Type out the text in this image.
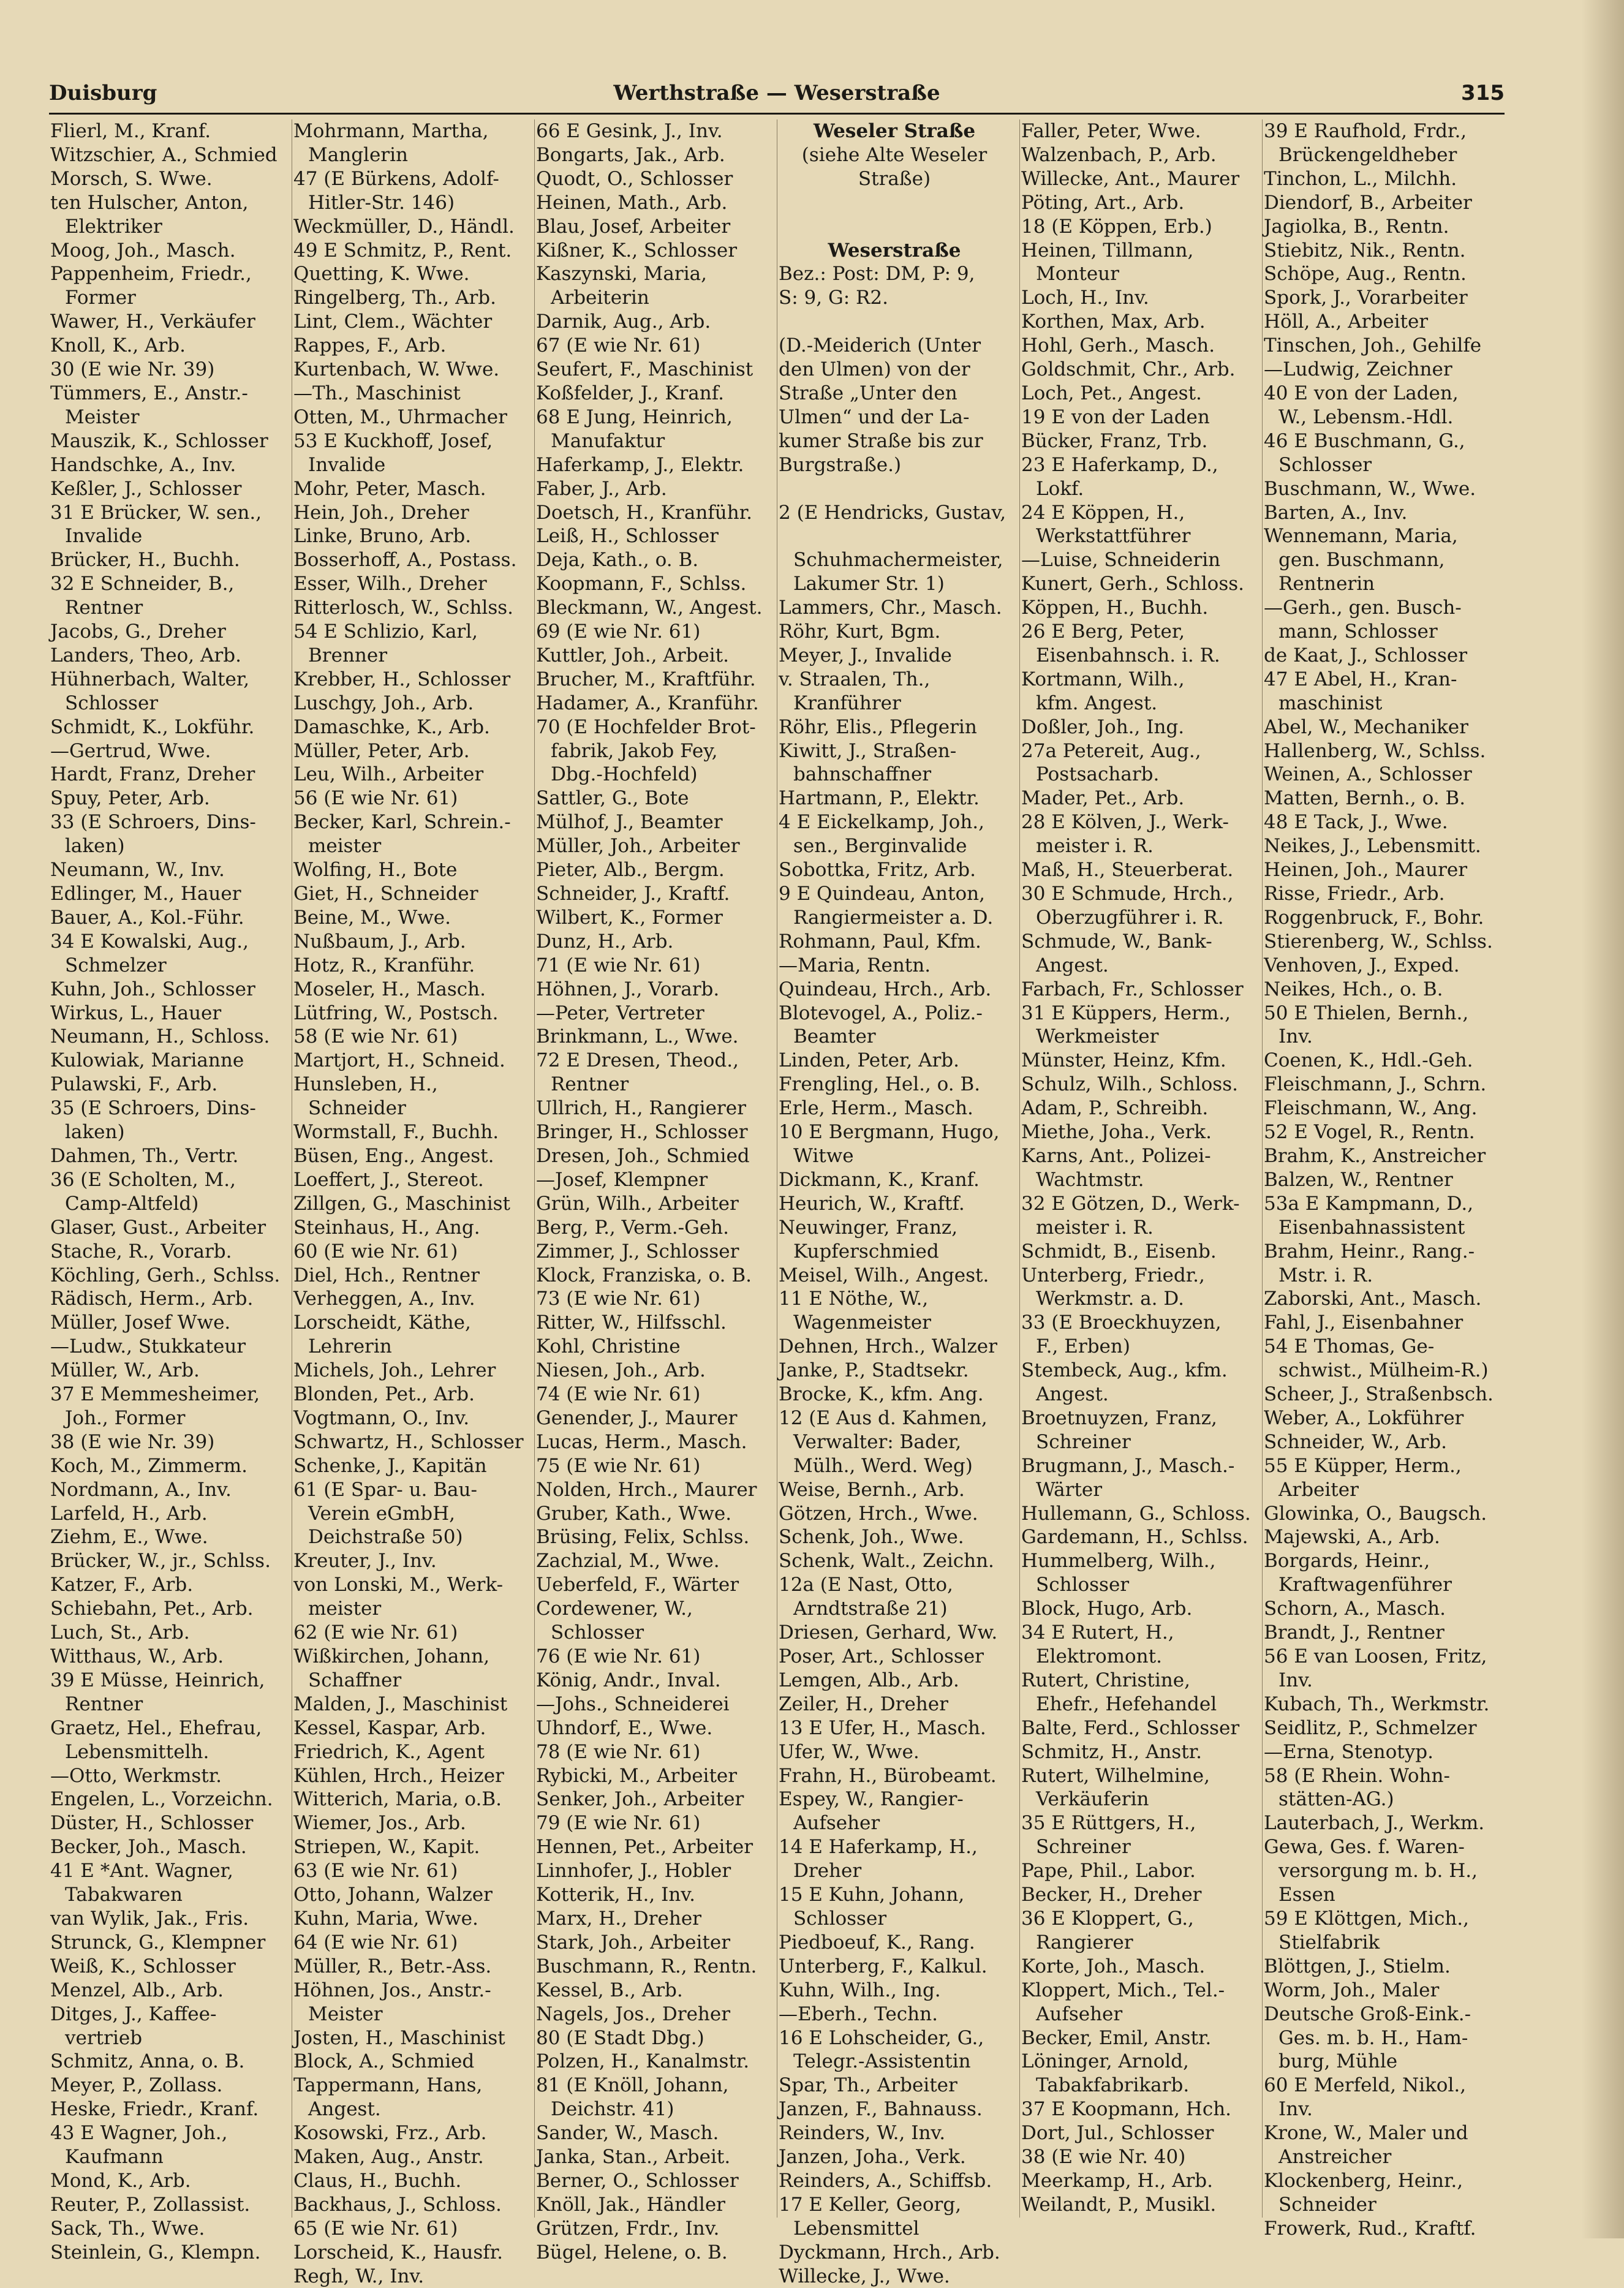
Duisburg	Werthstraße — Weserstraße	315
Flierl, M., Kranf.
Witzschier, A., Schmied
Morsch, S. Wwe.
ten Hulscher, Anton,
Elektriker
Moog, Joh., Masch.
Pappenheim, Friedr.,
Former
Wawer, H., Verkäufer
Knoll, K., Arb.
30 (E wie Nr. 39)
Tümmers, E., Anstr.-
Meister
Mauszik, K., Schlosser
Handschke, A., Inv.
Keßler, J., Schlosser
31 E Brücker, W. sen.,
Invalide
Brücker, H., Buchh.
32 E Schneider, B.,
Rentner
Jacobs, G., Dreher
Landers, Theo, Arb.
Hühnerbach, Walter,
Schlosser
Schmidt, K., Lokführ.
—Gertrud, Wwe.
Hardt, Franz, Dreher
Spuy, Peter, Arb.
33 (E Schroers, Dins-
laken)
Neumann, W., Inv.
Edlinger, M., Hauer
Bauer, A., Kol.-Führ.
34 E Kowalski, Aug.,
Schmelzer
Kuhn, Joh., Schlosser
Wirkus, L., Hauer
Neumann, H., Schloss.
Kulowiak, Marianne
Pulawski, F., Arb.
35 (E Schroers, Dins-
laken)
Dahmen, Th., Vertr.
36 (E Scholten, M.,
Camp-Altfeld)
Glaser, Gust., Arbeiter
Stache, R., Vorarb.
Köchling, Gerh., Schlss.
Rädisch, Herm., Arb.
Müller, Josef Wwe.
—Ludw., Stukkateur
Müller, W., Arb.
37 E Memmesheimer,
Joh., Former
38 (E wie Nr. 39)
Koch, M., Zimmerm.
Nordmann, A., Inv.
Larfeld, H., Arb.
Ziehm, E., Wwe.
Brücker, W., jr., Schlss.
Katzer, F., Arb.
Schiebahn, Pet., Arb.
Luch, St., Arb.
Witthaus, W., Arb.
39 E Müsse, Heinrich,
Rentner
Graetz, Hel., Ehefrau,
Lebensmittelh.
—Otto, Werkmstr.
Engelen, L., Vorzeichn.
Düster, H., Schlosser
Becker, Joh., Masch.
41 E *Ant. Wagner,
Tabakwaren
van Wylik, Jak., Fris.
Strunck, G., Klempner
Weiß, K., Schlosser
Menzel, Alb., Arb.
Ditges, J., Kaffee-
vertrieb
Schmitz, Anna, o. B.
Meyer, P., Zollass.
Heske, Friedr., Kranf.
43 E Wagner, Joh.,
Kaufmann
Mond, K., Arb.
Reuter, P., Zollassist.
Sack, Th., Wwe.
Steinlein, G., Klempn.
Mohrmann, Martha,
Manglerin
47 (E Bürkens, Adolf-
Hitler-Str. 146)
Weckmüller, D., Händl.
49 E Schmitz, P., Rent.
Quetting, K. Wwe.
Ringelberg, Th., Arb.
Lint, Clem., Wächter
Rappes, F., Arb.
Kurtenbach, W. Wwe.
—Th., Maschinist
Otten, M., Uhrmacher
53 E Kuckhoff, Josef,
Invalide
Mohr, Peter, Masch.
Hein, Joh., Dreher
Linke, Bruno, Arb.
Bosserhoff, A., Postass.
Esser, Wilh., Dreher
Ritterlosch, W., Schlss.
54 E Schlizio, Karl,
Brenner
Krebber, H., Schlosser
Luschgy, Joh., Arb.
Damaschke, K., Arb.
Müller, Peter, Arb.
Leu, Wilh., Arbeiter
56 (E wie Nr. 61)
Becker, Karl, Schrein.-
meister
Wolfing, H., Bote
Giet, H., Schneider
Beine, M., Wwe.
Nußbaum, J., Arb.
Hotz, R., Kranführ.
Moseler, H., Masch.
Lütfring, W., Postsch.
58 (E wie Nr. 61)
Martjort, H., Schneid.
Hunsleben, H.,
Schneider
Wormstall, F., Buchh.
Büsen, Eng., Angest.
Loeffert, J., Stereot.
Zillgen, G., Maschinist
Steinhaus, H., Ang.
60 (E wie Nr. 61)
Diel, Hch., Rentner
Verheggen, A., Inv.
Lorscheidt, Käthe,
Lehrerin
Michels, Joh., Lehrer
Blonden, Pet., Arb.
Vogtmann, O., Inv.
Schwartz, H., Schlosser
Schenke, J., Kapitän
61 (E Spar- u. Bau-
Verein eGmbH,
Deichstraße 50)
Kreuter, J., Inv.
von Lonski, M., Werk-
meister
62 (E wie Nr. 61)
Wißkirchen, Johann,
Schaffner
Malden, J., Maschinist
Kessel, Kaspar, Arb.
Friedrich, K., Agent
Kühlen, Hrch., Heizer
Witterich, Maria, o.B.
Wiemer, Jos., Arb.
Striepen, W., Kapit.
63 (E wie Nr. 61)
Otto, Johann, Walzer
Kuhn, Maria, Wwe.
64 (E wie Nr. 61)
Müller, R., Betr.-Ass.
Höhnen, Jos., Anstr.-
Meister
Josten, H., Maschinist
Block, A., Schmied
Tappermann, Hans,
Angest.
Kosowski, Frz., Arb.
Maken, Aug., Anstr.
Claus, H., Buchh.
Backhaus, J., Schloss.
65 (E wie Nr. 61)
Lorscheid, K., Hausfr.
Regh, W., Inv.
66 E Gesink, J., Inv.
Bongarts, Jak., Arb.
Quodt, O., Schlosser
Heinen, Math., Arb.
Blau, Josef, Arbeiter
Kißner, K., Schlosser
Kaszynski, Maria,
Arbeiterin
Darnik, Aug., Arb.
67 (E wie Nr. 61)
Seufert, F., Maschinist
Koßfelder, J., Kranf.
68 E Jung, Heinrich,
Manufaktur
Haferkamp, J., Elektr.
Faber, J., Arb.
Doetsch, H., Kranführ.
Leiß, H., Schlosser
Deja, Kath., o. B.
Koopmann, F., Schlss.
Bleckmann, W., Angest.
69 (E wie Nr. 61)
Kuttler, Joh., Arbeit.
Brucher, M., Kraftführ.
Hadamer, A., Kranführ.
70 (E Hochfelder Brot-
fabrik, Jakob Fey,
Dbg.-Hochfeld)
Sattler, G., Bote
Mülhof, J., Beamter
Müller, Joh., Arbeiter
Pieter, Alb., Bergm.
Schneider, J., Kraftf.
Wilbert, K., Former
Dunz, H., Arb.
71 (E wie Nr. 61)
Höhnen, J., Vorarb.
—Peter, Vertreter
Brinkmann, L., Wwe.
72 E Dresen, Theod.,
Rentner
Ullrich, H., Rangierer
Bringer, H., Schlosser
Dresen, Joh., Schmied
—Josef, Klempner
Grün, Wilh., Arbeiter
Berg, P., Verm.-Geh.
Zimmer, J., Schlosser
Klock, Franziska, o. B.
73 (E wie Nr. 61)
Ritter, W., Hilfsschl.
Kohl, Christine
Niesen, Joh., Arb.
74 (E wie Nr. 61)
Genender, J., Maurer
Lucas, Herm., Masch.
75 (E wie Nr. 61)
Nolden, Hrch., Maurer
Gruber, Kath., Wwe.
Brüsing, Felix, Schlss.
Zachzial, M., Wwe.
Ueberfeld, F., Wärter
Cordewener, W.,
Schlosser
76 (E wie Nr. 61)
König, Andr., Inval.
—Johs., Schneiderei
Uhndorf, E., Wwe.
78 (E wie Nr. 61)
Rybicki, M., Arbeiter
Senker, Joh., Arbeiter
79 (E wie Nr. 61)
Hennen, Pet., Arbeiter
Linnhofer, J., Hobler
Kotterik, H., Inv.
Marx, H., Dreher
Stark, Joh., Arbeiter
Buschmann, R., Rentn.
Kessel, B., Arb.
Nagels, Jos., Dreher
80 (E Stadt Dbg.)
Polzen, H., Kanalmstr.
81 (E Knöll, Johann,
Deichstr. 41)
Sander, W., Masch.
Janka, Stan., Arbeit.
Berner, O., Schlosser
Knöll, Jak., Händler
Grützen, Frdr., Inv.
Bügel, Helene, o. B.
Weseler Straße
(siehe Alte Weseler
Straße)

Weserstraße
Bez.: Post: DM, P: 9,
S: 9, G: R2.

(D.-Meiderich (Unter
den Ulmen) von der
Straße „Unter den
Ulmen“ und der La-
kumer Straße bis zur
Burgstraße.)

2 (E Hendricks, Gustav,

Schuhmachermeister,
Lakumer Str. 1)
Lammers, Chr., Masch.
Röhr, Kurt, Bgm.
Meyer, J., Invalide
v. Straalen, Th.,
Kranführer
Röhr, Elis., Pflegerin
Kiwitt, J., Straßen-
bahnschaffner
Hartmann, P., Elektr.
4 E Eickelkamp, Joh.,
sen., Berginvalide
Sobottka, Fritz, Arb.
9 E Quindeau, Anton,
Rangiermeister a. D.
Rohmann, Paul, Kfm.
—Maria, Rentn.
Quindeau, Hrch., Arb.
Blotevogel, A., Poliz.-
Beamter
Linden, Peter, Arb.
Frengling, Hel., o. B.
Erle, Herm., Masch.
10 E Bergmann, Hugo,
Witwe
Dickmann, K., Kranf.
Heurich, W., Kraftf.
Neuwinger, Franz,
Kupferschmied
Meisel, Wilh., Angest.
11 E Nöthe, W.,
Wagenmeister
Dehnen, Hrch., Walzer
Janke, P., Stadtsekr.
Brocke, K., kfm. Ang.
12 (E Aus d. Kahmen,
Verwalter: Bader,
Mülh., Werd. Weg)
Weise, Bernh., Arb.
Götzen, Hrch., Wwe.
Schenk, Joh., Wwe.
Schenk, Walt., Zeichn.
12a (E Nast, Otto,
Arndtstraße 21)
Driesen, Gerhard, Ww.
Poser, Art., Schlosser
Lemgen, Alb., Arb.
Zeiler, H., Dreher
13 E Ufer, H., Masch.
Ufer, W., Wwe.
Frahn, H., Bürobeamt.
Espey, W., Rangier-
Aufseher
14 E Haferkamp, H.,
Dreher
15 E Kuhn, Johann,
Schlosser
Piedboeuf, K., Rang.
Unterberg, F., Kalkul.
Kuhn, Wilh., Ing.
—Eberh., Techn.
16 E Lohscheider, G.,
Telegr.-Assistentin
Spar, Th., Arbeiter
Janzen, F., Bahnauss.
Reinders, W., Inv.
Janzen, Joha., Verk.
Reinders, A., Schiffsb.
17 E Keller, Georg,
Lebensmittel
Dyckmann, Hrch., Arb.
Willecke, J., Wwe.
Faller, Peter, Wwe.
Walzenbach, P., Arb.
Willecke, Ant., Maurer
Pöting, Art., Arb.
18 (E Köppen, Erb.)
Heinen, Tillmann,
Monteur
Loch, H., Inv.
Korthen, Max, Arb.
Hohl, Gerh., Masch.
Goldschmit, Chr., Arb.
Loch, Pet., Angest.
19 E von der Laden
Bücker, Franz, Trb.
23 E Haferkamp, D.,
Lokf.
24 E Köppen, H.,
Werkstattführer
—Luise, Schneiderin
Kunert, Gerh., Schloss.
Köppen, H., Buchh.
26 E Berg, Peter,
Eisenbahnsch. i. R.
Kortmann, Wilh.,
kfm. Angest.
Doßler, Joh., Ing.
27a Petereit, Aug.,
Postsacharb.
Mader, Pet., Arb.
28 E Kölven, J., Werk-
meister i. R.
Maß, H., Steuerberat.
30 E Schmude, Hrch.,
Oberzugführer i. R.
Schmude, W., Bank-
Angest.
Farbach, Fr., Schlosser
31 E Küppers, Herm.,
Werkmeister
Münster, Heinz, Kfm.
Schulz, Wilh., Schloss.
Adam, P., Schreibh.
Miethe, Joha., Verk.
Karns, Ant., Polizei-
Wachtmstr.
32 E Götzen, D., Werk-
meister i. R.
Schmidt, B., Eisenb.
Unterberg, Friedr.,
Werkmstr. a. D.
33 (E Broeckhuyzen,
F., Erben)
Stembeck, Aug., kfm.
Angest.
Broetnuyzen, Franz,
Schreiner
Brugmann, J., Masch.-
Wärter
Hullemann, G., Schloss.
Gardemann, H., Schlss.
Hummelberg, Wilh.,
Schlosser
Block, Hugo, Arb.
34 E Rutert, H.,
Elektromont.
Rutert, Christine,
Ehefr., Hefehandel
Balte, Ferd., Schlosser
Schmitz, H., Anstr.
Rutert, Wilhelmine,
Verkäuferin
35 E Rüttgers, H.,
Schreiner
Pape, Phil., Labor.
Becker, H., Dreher
36 E Kloppert, G.,
Rangierer
Korte, Joh., Masch.
Kloppert, Mich., Tel.-
Aufseher
Becker, Emil, Anstr.
Löninger, Arnold,
Tabakfabrikarb.
37 E Koopmann, Hch.
Dort, Jul., Schlosser
38 (E wie Nr. 40)
Meerkamp, H., Arb.
Weilandt, P., Musikl.
39 E Raufhold, Frdr.,
Brückengeldheber
Tinchon, L., Milchh.
Diendorf, B., Arbeiter
Jagiolka, B., Rentn.
Stiebitz, Nik., Rentn.
Schöpe, Aug., Rentn.
Spork, J., Vorarbeiter
Höll, A., Arbeiter
Tinschen, Joh., Gehilfe
—Ludwig, Zeichner
40 E von der Laden,
W., Lebensm.-Hdl.
46 E Buschmann, G.,
Schlosser
Buschmann, W., Wwe.
Barten, A., Inv.
Wennemann, Maria,
gen. Buschmann,
Rentnerin
—Gerh., gen. Busch-
mann, Schlosser
de Kaat, J., Schlosser
47 E Abel, H., Kran-
maschinist
Abel, W., Mechaniker
Hallenberg, W., Schlss.
Weinen, A., Schlosser
Matten, Bernh., o. B.
48 E Tack, J., Wwe.
Neikes, J., Lebensmitt.
Heinen, Joh., Maurer
Risse, Friedr., Arb.
Roggenbruck, F., Bohr.
Stierenberg, W., Schlss.
Venhoven, J., Exped.
Neikes, Hch., o. B.
50 E Thielen, Bernh.,
Inv.
Coenen, K., Hdl.-Geh.
Fleischmann, J., Schrn.
Fleischmann, W., Ang.
52 E Vogel, R., Rentn.
Brahm, K., Anstreicher
Balzen, W., Rentner
53a E Kampmann, D.,
Eisenbahnassistent
Brahm, Heinr., Rang.-
Mstr. i. R.
Zaborski, Ant., Masch.
Fahl, J., Eisenbahner
54 E Thomas, Ge-
schwist., Mülheim-R.)
Scheer, J., Straßenbsch.
Weber, A., Lokführer
Schneider, W., Arb.
55 E Küpper, Herm.,
Arbeiter
Glowinka, O., Baugsch.
Majewski, A., Arb.
Borgards, Heinr.,
Kraftwagenführer
Schorn, A., Masch.
Brandt, J., Rentner
56 E van Loosen, Fritz,
Inv.
Kubach, Th., Werkmstr.
Seidlitz, P., Schmelzer
—Erna, Stenotyp.
58 (E Rhein. Wohn-
stätten-AG.)
Lauterbach, J., Werkm.
Gewa, Ges. f. Waren-
versorgung m. b. H.,
Essen
59 E Klöttgen, Mich.,
Stielfabrik
Blöttgen, J., Stielm.
Worm, Joh., Maler
Deutsche Groß-Eink.-
Ges. m. b. H., Ham-
burg, Mühle
60 E Merfeld, Nikol.,
Inv.
Krone, W., Maler und
Anstreicher
Klockenberg, Heinr.,
Schneider
Frowerk, Rud., Kraftf.
